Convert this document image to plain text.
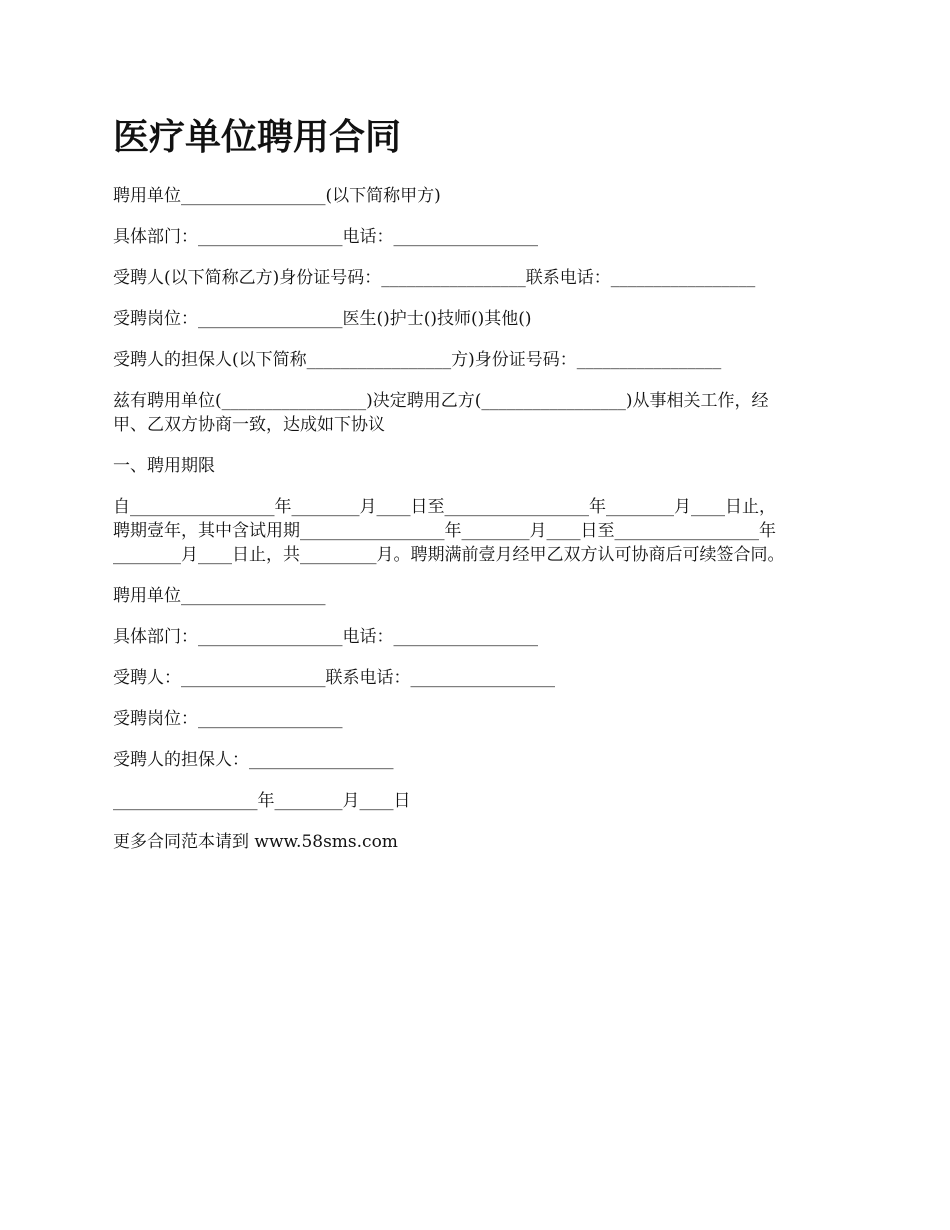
医疗单位聘用合同

聘用单位_________________(以下简称甲方)

具体部门：_________________电话：_________________

受聘人(以下简称乙方)身份证号码：_________________联系电话：_________________

受聘岗位：_________________医生()护士()技师()其他()

受聘人的担保人(以下简称_________________方)身份证号码：_________________

兹有聘用单位(_________________)决定聘用乙方(_________________)从事相关工作，经
甲、乙双方协商一致，达成如下协议

一、聘用期限

自_________________年________月____日至_________________年________月____日止，
聘期壹年，其中含试用期_________________年________月____日至_________________年
________月____日止，共_________月。聘期满前壹月经甲乙双方认可协商后可续签合同。

聘用单位_________________

具体部门：_________________电话：_________________

受聘人：_________________联系电话：_________________

受聘岗位：_________________

受聘人的担保人：_________________

_________________年________月____日

更多合同范本请到 www.58sms.com
